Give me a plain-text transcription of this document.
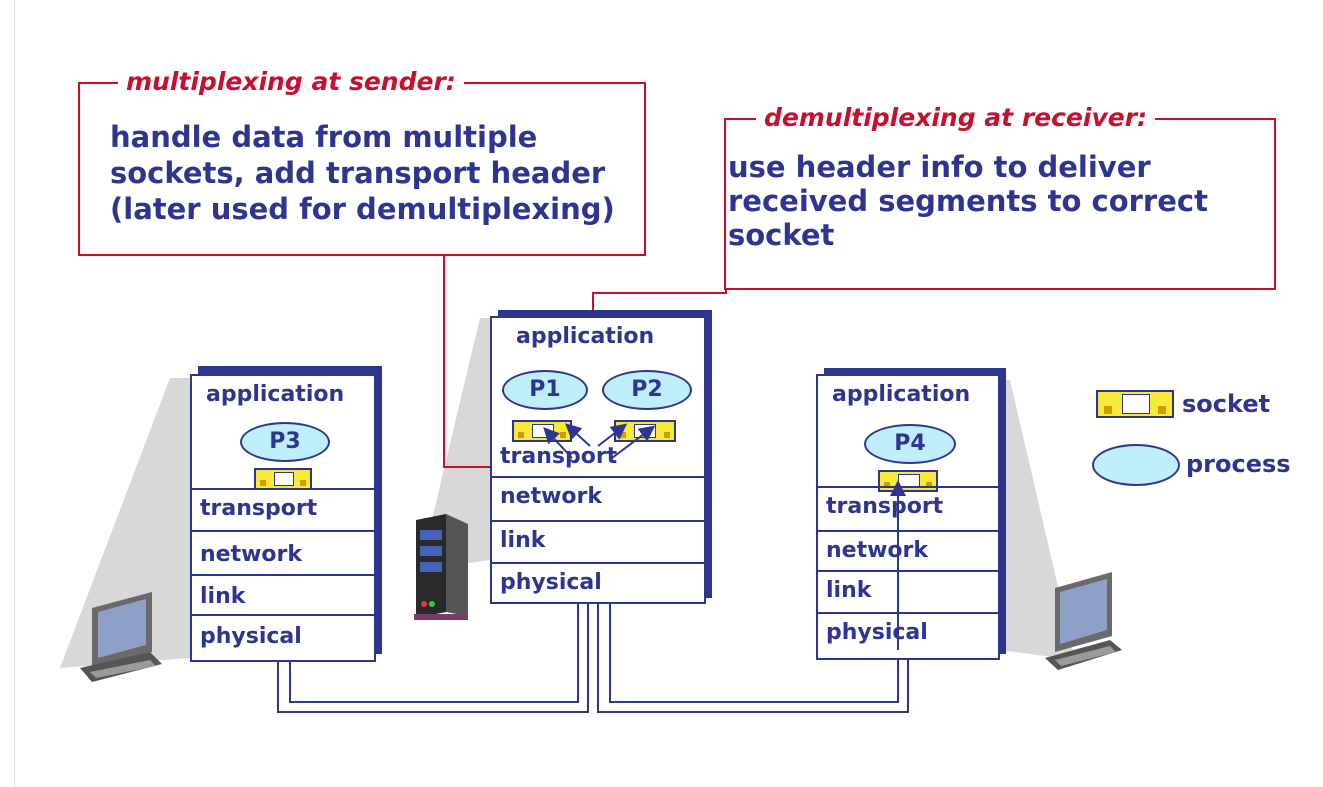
multiplexing at sender:
handle data from multiple
sockets, add transport header
(later used for demultiplexing)
demultiplexing at receiver:
use header info to deliver
received segments to correct
socket
application
P3
transport
network
link
physical
application
P1	P2
transport
network
link
physical
application
P4
transport
network
link
physical
socket
process
